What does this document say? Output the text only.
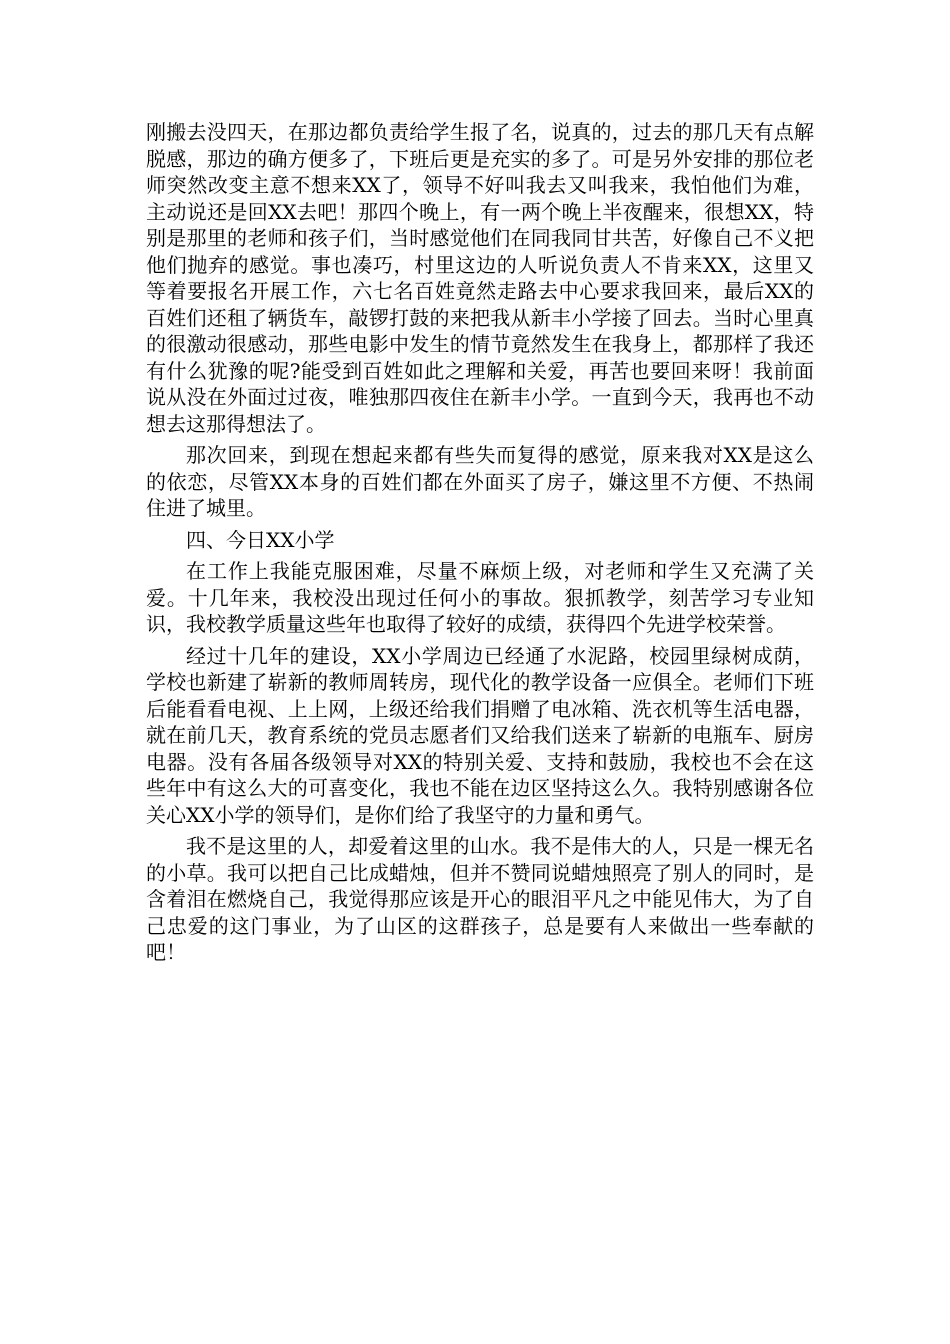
刚搬去没四天，在那边都负责给学生报了名，说真的，过去的那几天有点解脱感，那边的确方便多了，下班后更是充实的多了。可是另外安排的那位老师突然改变主意不想来XX了，领导不好叫我去又叫我来，我怕他们为难，主动说还是回XX去吧！那四个晚上，有一两个晚上半夜醒来，很想XX，特别是那里的老师和孩子们，当时感觉他们在同我同甘共苦，好像自己不义把他们抛弃的感觉。事也凑巧，村里这边的人听说负责人不肯来XX，这里又等着要报名开展工作，六七名百姓竟然走路去中心要求我回来，最后XX的百姓们还租了辆货车，敲锣打鼓的来把我从新丰小学接了回去。当时心里真的很激动很感动，那些电影中发生的情节竟然发生在我身上，都那样了我还有什么犹豫的呢?能受到百姓如此之理解和关爱，再苦也要回来呀！我前面说从没在外面过过夜，唯独那四夜住在新丰小学。一直到今天，我再也不动想去这那得想法了。

那次回来，到现在想起来都有些失而复得的感觉，原来我对XX是这么的依恋，尽管XX本身的百姓们都在外面买了房子，嫌这里不方便、不热闹住进了城里。

四、今日XX小学

在工作上我能克服困难，尽量不麻烦上级，对老师和学生又充满了关爱。十几年来，我校没出现过任何小的事故。狠抓教学，刻苦学习专业知识，我校教学质量这些年也取得了较好的成绩，获得四个先进学校荣誉。

经过十几年的建设，XX小学周边已经通了水泥路，校园里绿树成荫，学校也新建了崭新的教师周转房，现代化的教学设备一应俱全。老师们下班后能看看电视、上上网，上级还给我们捐赠了电冰箱、洗衣机等生活电器，就在前几天，教育系统的党员志愿者们又给我们送来了崭新的电瓶车、厨房电器。没有各届各级领导对XX的特别关爱、支持和鼓励，我校也不会在这些年中有这么大的可喜变化，我也不能在边区坚持这么久。我特别感谢各位关心XX小学的领导们，是你们给了我坚守的力量和勇气。

我不是这里的人，却爱着这里的山水。我不是伟大的人，只是一棵无名的小草。我可以把自己比成蜡烛，但并不赞同说蜡烛照亮了别人的同时，是含着泪在燃烧自己，我觉得那应该是开心的眼泪平凡之中能见伟大，为了自己忠爱的这门事业，为了山区的这群孩子，总是要有人来做出一些奉献的吧！
